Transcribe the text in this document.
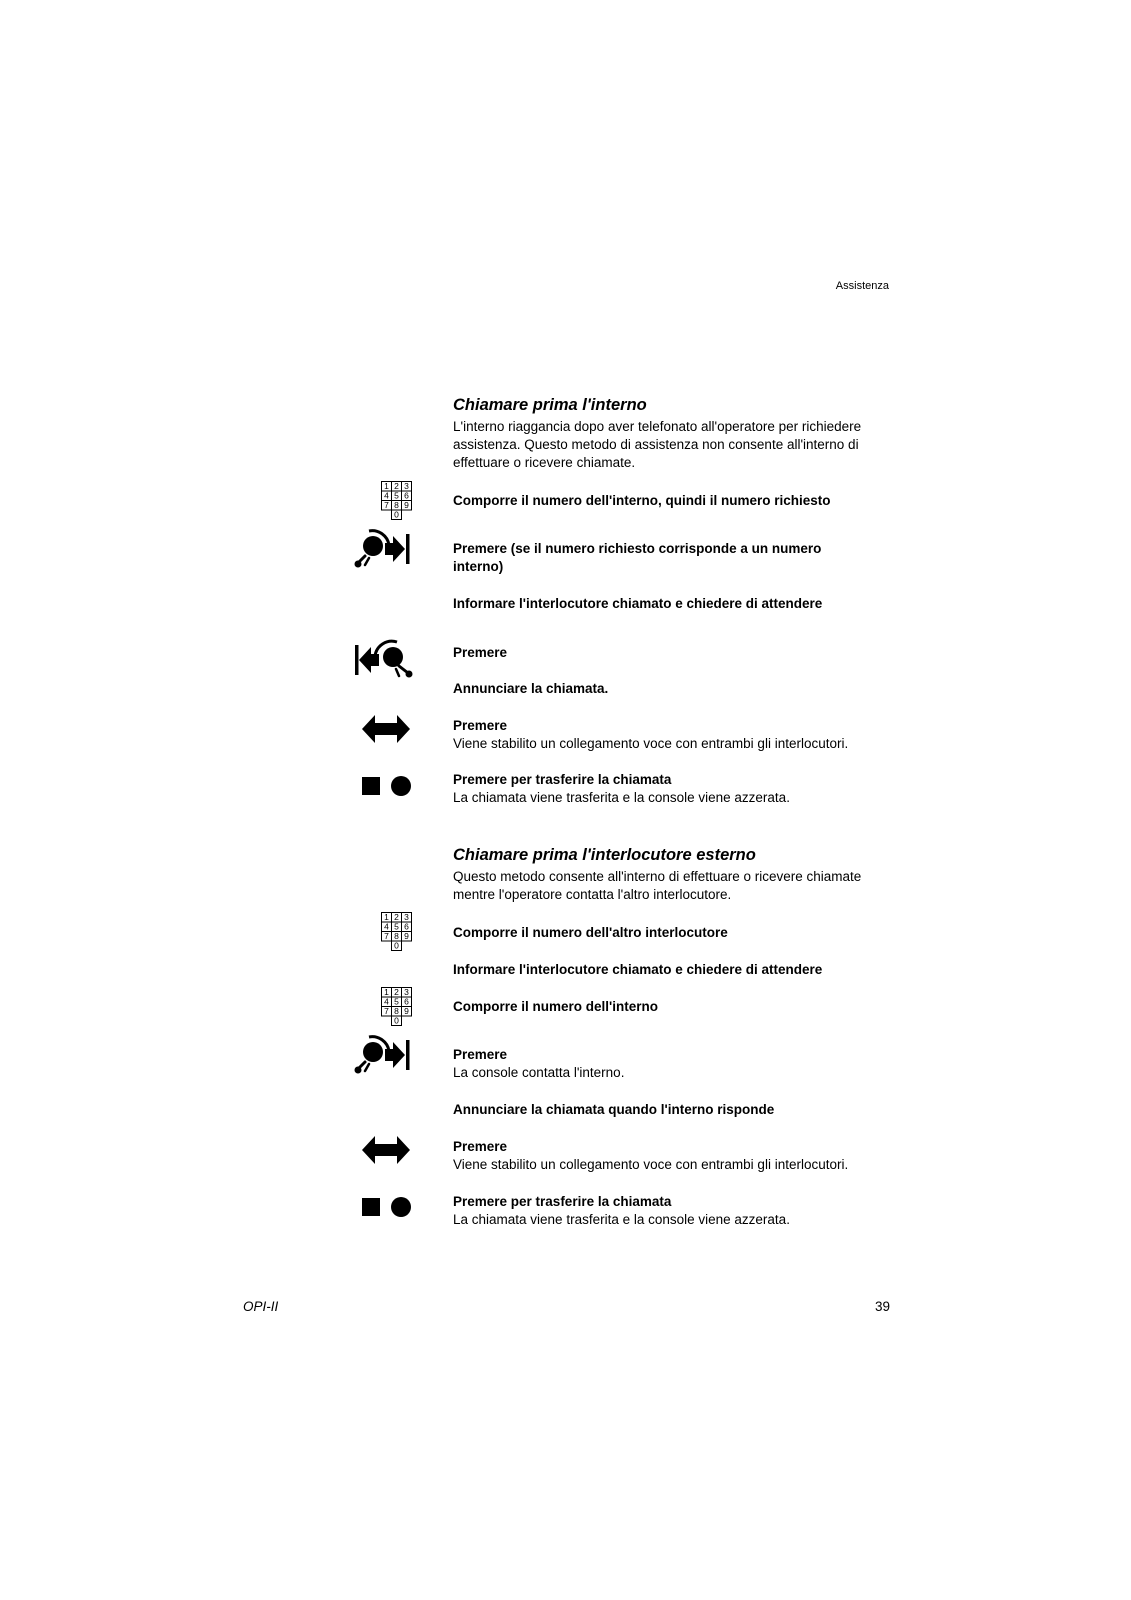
Assistenza
Chiamare prima l'interno
L'interno riaggancia dopo aver telefonato all'operatore per richiedere assistenza. Questo metodo di assistenza non consente all'interno di effettuare o ricevere chiamate.
1 2 3
4 5 6
7 8 9
0
Comporre il numero dell'interno, quindi il numero richiesto
Premere (se il numero richiesto corrisponde a un numero interno)
Informare l'interlocutore chiamato e chiedere di attendere
Premere
Annunciare la chiamata.
Premere
Viene stabilito un collegamento voce con entrambi gli interlocutori.
Premere per trasferire la chiamata
La chiamata viene trasferita e la console viene azzerata.
Chiamare prima l'interlocutore esterno
Questo metodo consente all'interno di effettuare o ricevere chiamate mentre l'operatore contatta l'altro interlocutore.
1 2 3
4 5 6
7 8 9
0
Comporre il numero dell'altro interlocutore
Informare l'interlocutore chiamato e chiedere di attendere
1 2 3
4 5 6
7 8 9
0
Comporre il numero dell'interno
Premere
La console contatta l'interno.
Annunciare la chiamata quando l'interno risponde
Premere
Viene stabilito un collegamento voce con entrambi gli interlocutori.
Premere per trasferire la chiamata
La chiamata viene trasferita e la console viene azzerata.
OPI-II	39
